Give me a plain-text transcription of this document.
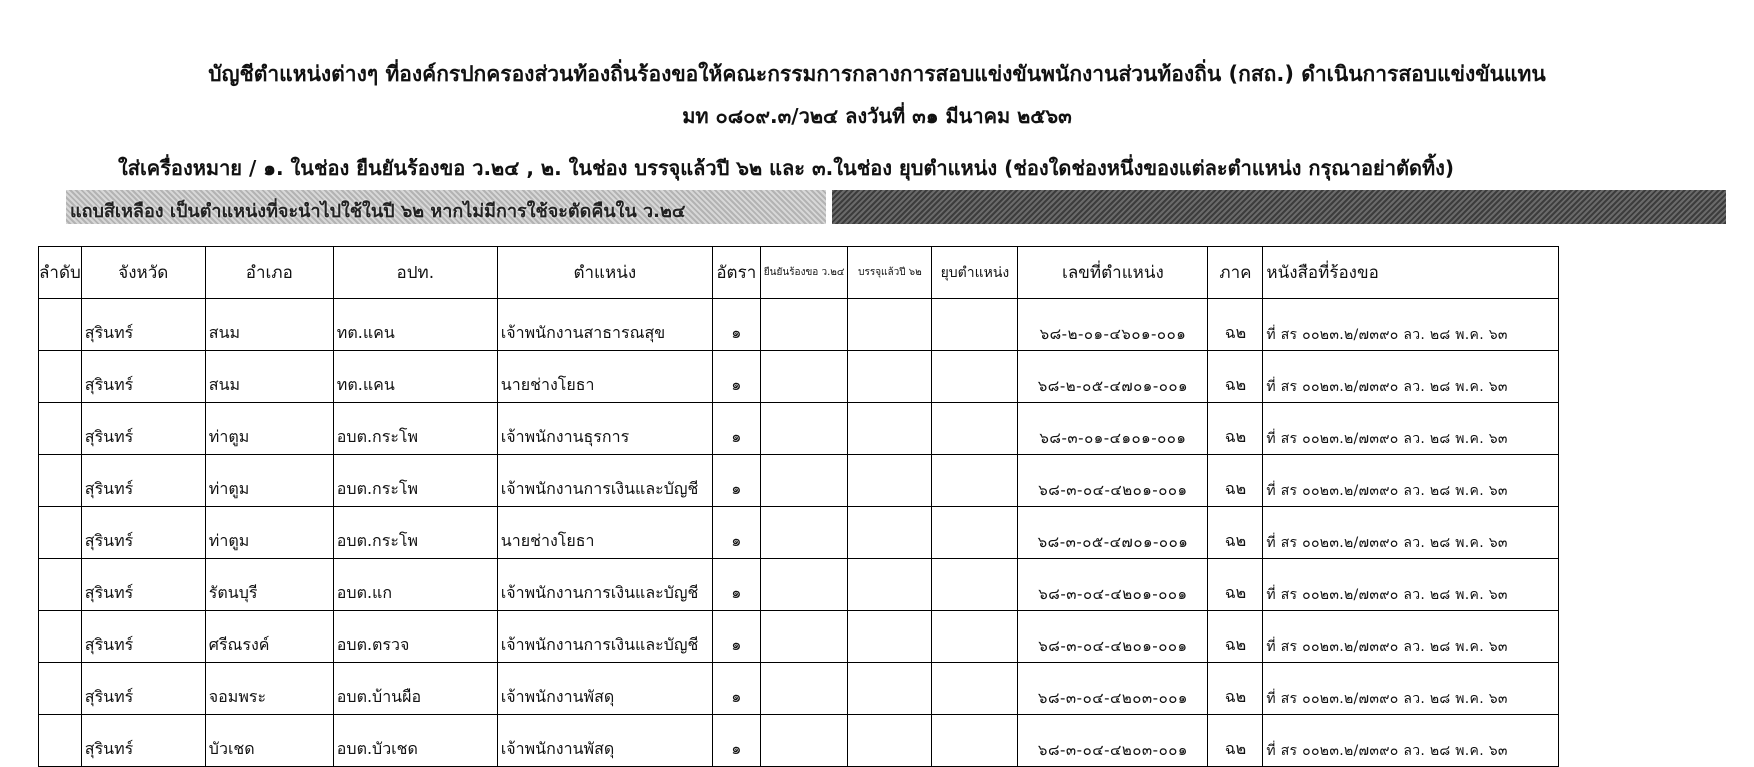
บัญชีตำแหน่งต่างๆ ที่องค์กรปกครองส่วนท้องถิ่นร้องขอให้คณะกรรมการกลางการสอบแข่งขันพนักงานส่วนท้องถิ่น (กสถ.) ดำเนินการสอบแข่งขันแทน
มท ๐๘๐๙.๓/ว๒๔ ลงวันที่ ๓๑ มีนาคม ๒๕๖๓
ใส่เครื่องหมาย / ๑. ในช่อง ยืนยันร้องขอ ว.๒๔ , ๒. ในช่อง บรรจุแล้วปี ๖๒ และ ๓.ในช่อง ยุบตำแหน่ง (ช่องใดช่องหนึ่งของแต่ละตำแหน่ง กรุณาอย่าตัดทิ้ง)
แถบสีเหลือง เป็นตำแหน่งที่จะนำไปใช้ในปี ๖๒ หากไม่มีการใช้จะตัดคืนใน ว.๒๔
ลำดับ	จังหวัด	อำเภอ	อปท.	ตำแหน่ง	อัตรา	ยืนยันร้องขอ ว.๒๔	บรรจุแล้วปี ๖๒	ยุบตำแหน่ง	เลขที่ตำแหน่ง	ภาค	หนังสือที่ร้องขอ
	สุรินทร์	สนม	ทต.แคน	เจ้าพนักงานสาธารณสุข	๑				๖๘-๒-๐๑-๔๖๐๑-๐๐๑	ฉ๒	ที่ สร ๐๐๒๓.๒/๗๓๙๐ ลว. ๒๘ พ.ค. ๖๓
	สุรินทร์	สนม	ทต.แคน	นายช่างโยธา	๑				๖๘-๒-๐๕-๔๗๐๑-๐๐๑	ฉ๒	ที่ สร ๐๐๒๓.๒/๗๓๙๐ ลว. ๒๘ พ.ค. ๖๓
	สุรินทร์	ท่าตูม	อบต.กระโพ	เจ้าพนักงานธุรการ	๑				๖๘-๓-๐๑-๔๑๐๑-๐๐๑	ฉ๒	ที่ สร ๐๐๒๓.๒/๗๓๙๐ ลว. ๒๘ พ.ค. ๖๓
	สุรินทร์	ท่าตูม	อบต.กระโพ	เจ้าพนักงานการเงินและบัญชี	๑				๖๘-๓-๐๔-๔๒๐๑-๐๐๑	ฉ๒	ที่ สร ๐๐๒๓.๒/๗๓๙๐ ลว. ๒๘ พ.ค. ๖๓
	สุรินทร์	ท่าตูม	อบต.กระโพ	นายช่างโยธา	๑				๖๘-๓-๐๕-๔๗๐๑-๐๐๑	ฉ๒	ที่ สร ๐๐๒๓.๒/๗๓๙๐ ลว. ๒๘ พ.ค. ๖๓
	สุรินทร์	รัตนบุรี	อบต.แก	เจ้าพนักงานการเงินและบัญชี	๑				๖๘-๓-๐๔-๔๒๐๑-๐๐๑	ฉ๒	ที่ สร ๐๐๒๓.๒/๗๓๙๐ ลว. ๒๘ พ.ค. ๖๓
	สุรินทร์	ศรีณรงค์	อบต.ตรวจ	เจ้าพนักงานการเงินและบัญชี	๑				๖๘-๓-๐๔-๔๒๐๑-๐๐๑	ฉ๒	ที่ สร ๐๐๒๓.๒/๗๓๙๐ ลว. ๒๘ พ.ค. ๖๓
	สุรินทร์	จอมพระ	อบต.บ้านผือ	เจ้าพนักงานพัสดุ	๑				๖๘-๓-๐๔-๔๒๐๓-๐๐๑	ฉ๒	ที่ สร ๐๐๒๓.๒/๗๓๙๐ ลว. ๒๘ พ.ค. ๖๓
	สุรินทร์	บัวเชด	อบต.บัวเชด	เจ้าพนักงานพัสดุ	๑				๖๘-๓-๐๔-๔๒๐๓-๐๐๑	ฉ๒	ที่ สร ๐๐๒๓.๒/๗๓๙๐ ลว. ๒๘ พ.ค. ๖๓
